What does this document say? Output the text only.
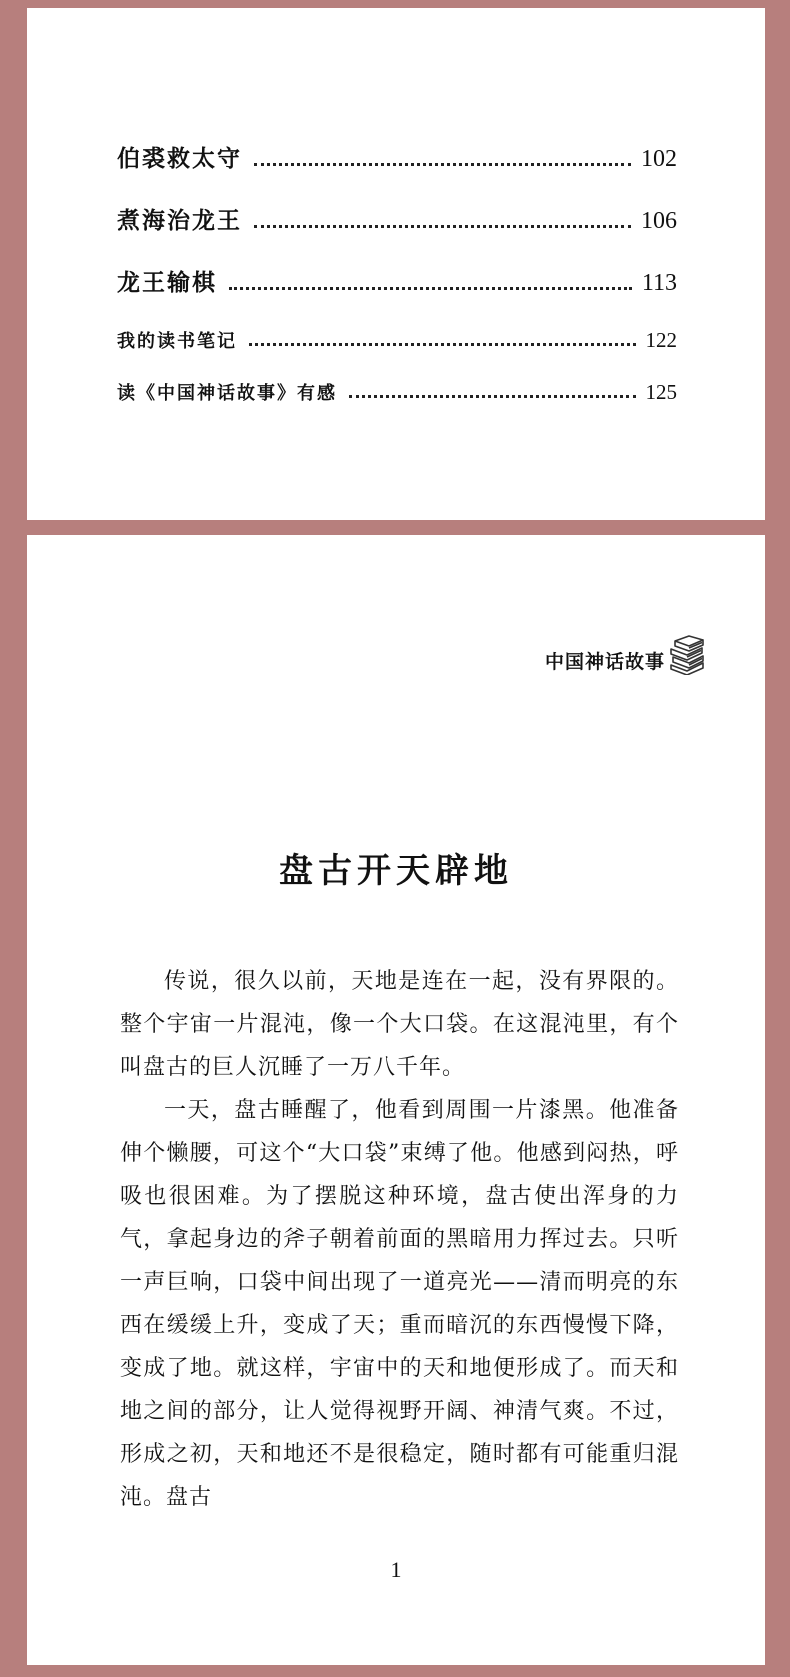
伯裘救太守	102
煮海治龙王	106
龙王输棋	113
我的读书笔记	122
读《中国神话故事》有感	125
中国神话故事
盘古开天辟地

传说，很久以前，天地是连在一起，没有界限的。整个宇宙一片混沌，像一个大口袋。在这混沌里，有个叫盘古的巨人沉睡了一万八千年。

一天，盘古睡醒了，他看到周围一片漆黑。他准备伸个懒腰，可这个“大口袋”束缚了他。他感到闷热，呼吸也很困难。为了摆脱这种环境，盘古使出浑身的力气，拿起身边的斧子朝着前面的黑暗用力挥过去。只听一声巨响，口袋中间出现了一道亮光——清而明亮的东西在缓缓上升，变成了天；重而暗沉的东西慢慢下降，变成了地。就这样，宇宙中的天和地便形成了。而天和地之间的部分，让人觉得视野开阔、神清气爽。不过，形成之初，天和地还不是很稳定，随时都有可能重归混沌。盘古

1
